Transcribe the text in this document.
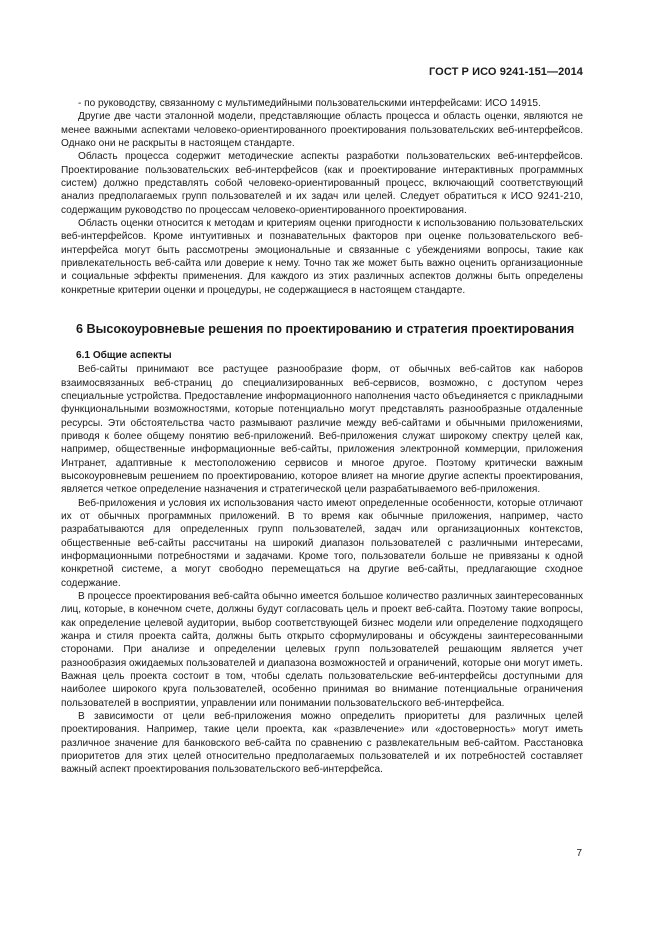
ГОСТ Р ИСО 9241-151—2014

- по руководству, связанному с мультимедийными пользовательскими интерфейсами: ИСО 14915.

Другие две части эталонной модели, представляющие область процесса и область оценки, являются не менее важными аспектами человеко-ориентированного проектирования пользовательских веб-интерфейсов. Однако они не раскрыты в настоящем стандарте.

Область процесса содержит методические аспекты разработки пользовательских веб-интерфейсов. Проектирование пользовательских веб-интерфейсов (как и проектирование интерактивных программных систем) должно представлять собой человеко-ориентированный процесс, включающий соответствующий анализ предполагаемых групп пользователей и их задач или целей. Следует обратиться к ИСО 9241-210, содержащим руководство по процессам человеко-ориентированного проектирования.

Область оценки относится к методам и критериям оценки пригодности к использованию пользовательских веб-интерфейсов. Кроме интуитивных и познавательных факторов при оценке пользовательского веб-интерфейса могут быть рассмотрены эмоциональные и связанные с убеждениями вопросы, такие как привлекательность веб-сайта или доверие к нему. Точно так же может быть важно оценить организационные и социальные эффекты применения. Для каждого из этих различных аспектов должны быть определены конкретные критерии оценки и процедуры, не содержащиеся в настоящем стандарте.

6 Высокоуровневые решения по проектированию и стратегия проектирования
6.1 Общие аспекты

Веб-сайты принимают все растущее разнообразие форм, от обычных веб-сайтов как наборов взаимосвязанных веб-страниц до специализированных веб-сервисов, возможно, с доступом через специальные устройства. Предоставление информационного наполнения часто объединяется с прикладными функциональными возможностями, которые потенциально могут представлять разнообразные отдаленные ресурсы. Эти обстоятельства часто размывают различие между веб-сайтами и обычными приложениями, приводя к более общему понятию веб-приложений. Веб-приложения служат широкому спектру целей как, например, общественные информационные веб-сайты, приложения электронной коммерции, приложения Интранет, адаптивные к местоположению сервисов и многое другое. Поэтому критически важным высокоуровневым решением по проектированию, которое влияет на многие другие аспекты проектирования, является четкое определение назначения и стратегической цели разрабатываемого веб-приложения.

Веб-приложения и условия их использования часто имеют определенные особенности, которые отличают их от обычных программных приложений. В то время как обычные приложения, например, часто разрабатываются для определенных групп пользователей, задач или организационных контекстов, общественные веб-сайты рассчитаны на широкий диапазон пользователей с различными интересами, информационными потребностями и задачами. Кроме того, пользователи больше не привязаны к одной конкретной системе, а могут свободно перемещаться на другие веб-сайты, предлагающие сходное содержание.

В процессе проектирования веб-сайта обычно имеется большое количество различных заинтересованных лиц, которые, в конечном счете, должны будут согласовать цель и проект веб-сайта. Поэтому такие вопросы, как определение целевой аудитории, выбор соответствующей бизнес модели или определение подходящего жанра и стиля проекта сайта, должны быть открыто сформулированы и обсуждены заинтересованными сторонами. При анализе и определении целевых групп пользователей решающим является учет разнообразия ожидаемых пользователей и диапазона возможностей и ограничений, которые они могут иметь. Важная цель проекта состоит в том, чтобы сделать пользовательские веб-интерфейсы доступными для наиболее широкого круга пользователей, особенно принимая во внимание потенциальные ограничения пользователей в восприятии, управлении или понимании пользовательского веб-интерфейса.

В зависимости от цели веб-приложения можно определить приоритеты для различных целей проектирования. Например, такие цели проекта, как «развлечение» или «достоверность» могут иметь различное значение для банковского веб-сайта по сравнению с развлекательным веб-сайтом. Расстановка приоритетов для этих целей относительно предполагаемых пользователей и их потребностей составляет важный аспект проектирования пользовательского веб-интерфейса.

7
